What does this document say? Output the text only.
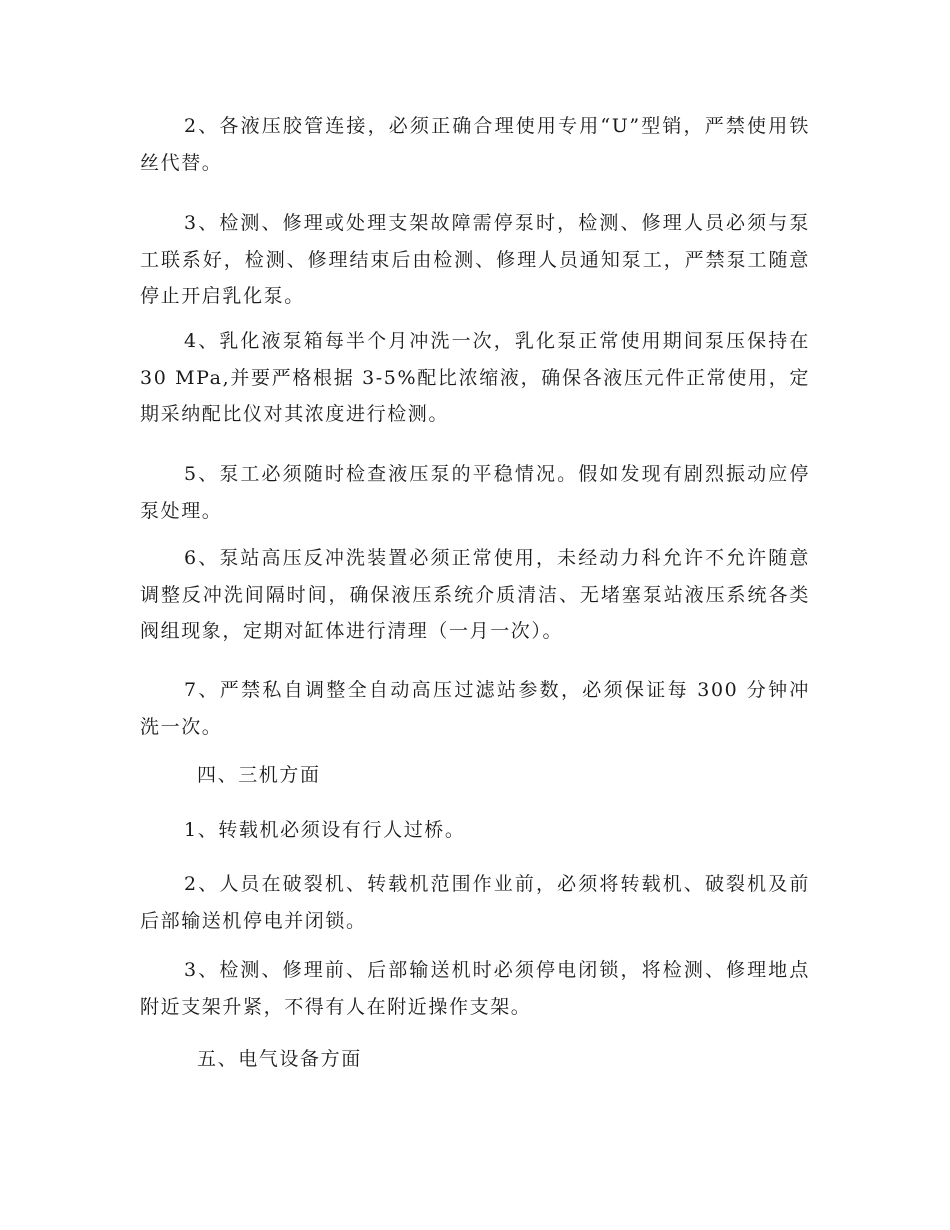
2、各液压胶管连接，必须正确合理使用专用“U”型销，严禁使用铁丝代替。

3、检测、修理或处理支架故障需停泵时，检测、修理人员必须与泵工联系好，检测、修理结束后由检测、修理人员通知泵工，严禁泵工随意停止开启乳化泵。

4、乳化液泵箱每半个月冲洗一次，乳化泵正常使用期间泵压保持在 30 MPa,并要严格根据 3-5%配比浓缩液，确保各液压元件正常使用，定期采纳配比仪对其浓度进行检测。

5、泵工必须随时检查液压泵的平稳情况。假如发现有剧烈振动应停泵处理。

6、泵站高压反冲洗装置必须正常使用，未经动力科允许不允许随意调整反冲洗间隔时间，确保液压系统介质清洁、无堵塞泵站液压系统各类阀组现象，定期对缸体进行清理（一月一次）。

7、严禁私自调整全自动高压过滤站参数，必须保证每 300 分钟冲洗一次。

四、三机方面

1、转载机必须设有行人过桥。

2、人员在破裂机、转载机范围作业前，必须将转载机、破裂机及前后部输送机停电并闭锁。

3、检测、修理前、后部输送机时必须停电闭锁，将检测、修理地点附近支架升紧，不得有人在附近操作支架。

五、电气设备方面
